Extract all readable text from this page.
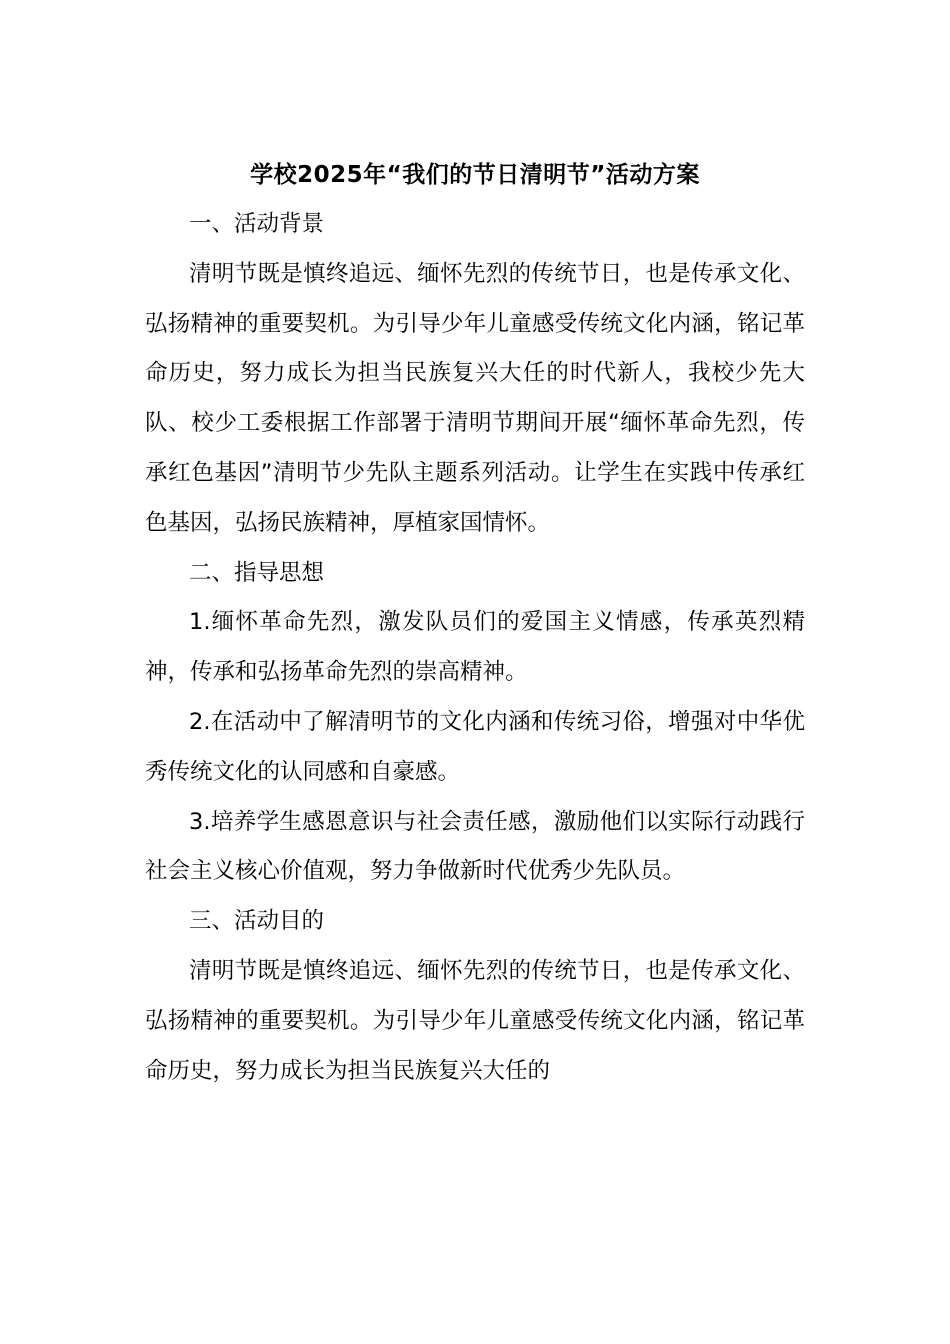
学校2025年“我们的节日清明节”活动方案

一、活动背景

清明节既是慎终追远、缅怀先烈的传统节日，也是传承文化、弘扬精神的重要契机。为引导少年儿童感受传统文化内涵，铭记革命历史，努力成长为担当民族复兴大任的时代新人，我校少先大队、校少工委根据工作部署于清明节期间开展“缅怀革命先烈，传承红色基因”清明节少先队主题系列活动。让学生在实践中传承红色基因，弘扬民族精神，厚植家国情怀。

二、指导思想

1.缅怀革命先烈，激发队员们的爱国主义情感，传承英烈精神，传承和弘扬革命先烈的崇高精神。

2.在活动中了解清明节的文化内涵和传统习俗，增强对中华优秀传统文化的认同感和自豪感。

3.培养学生感恩意识与社会责任感，激励他们以实际行动践行社会主义核心价值观，努力争做新时代优秀少先队员。

三、活动目的

清明节既是慎终追远、缅怀先烈的传统节日，也是传承文化、弘扬精神的重要契机。为引导少年儿童感受传统文化内涵，铭记革命历史，努力成长为担当民族复兴大任的
